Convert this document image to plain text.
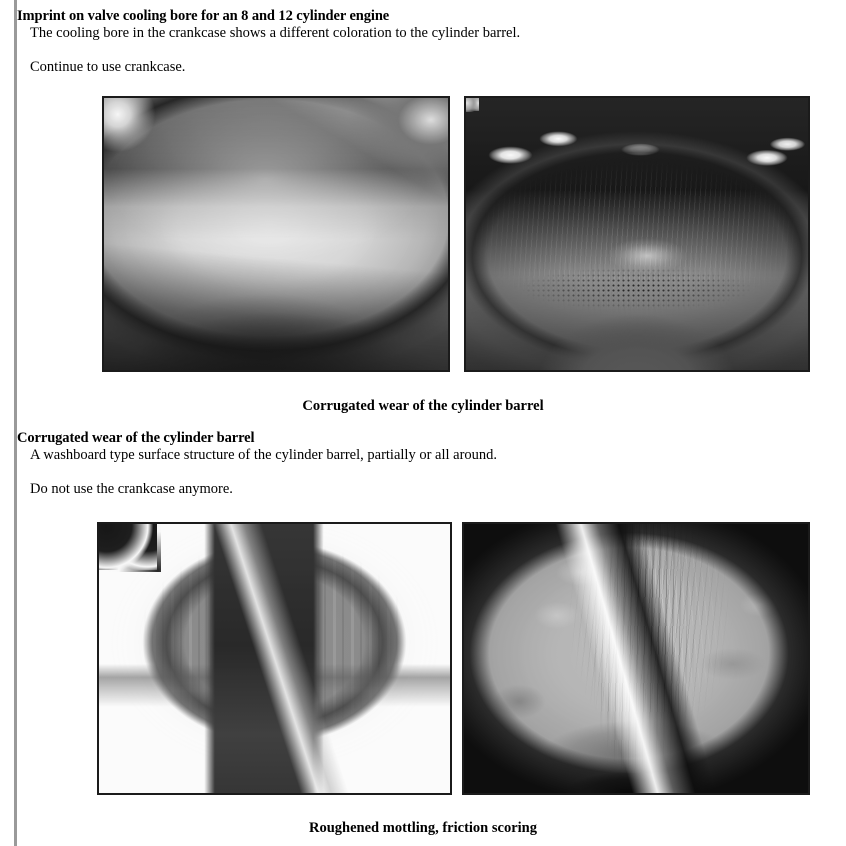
Imprint on valve cooling bore for an 8 and 12 cylinder engine
The cooling bore in the crankcase shows a different coloration to the cylinder barrel.
Continue to use crankcase.
Corrugated wear of the cylinder barrel
Corrugated wear of the cylinder barrel
A washboard type surface structure of the cylinder barrel, partially or all around.
Do not use the crankcase anymore.
Roughened mottling, friction scoring
